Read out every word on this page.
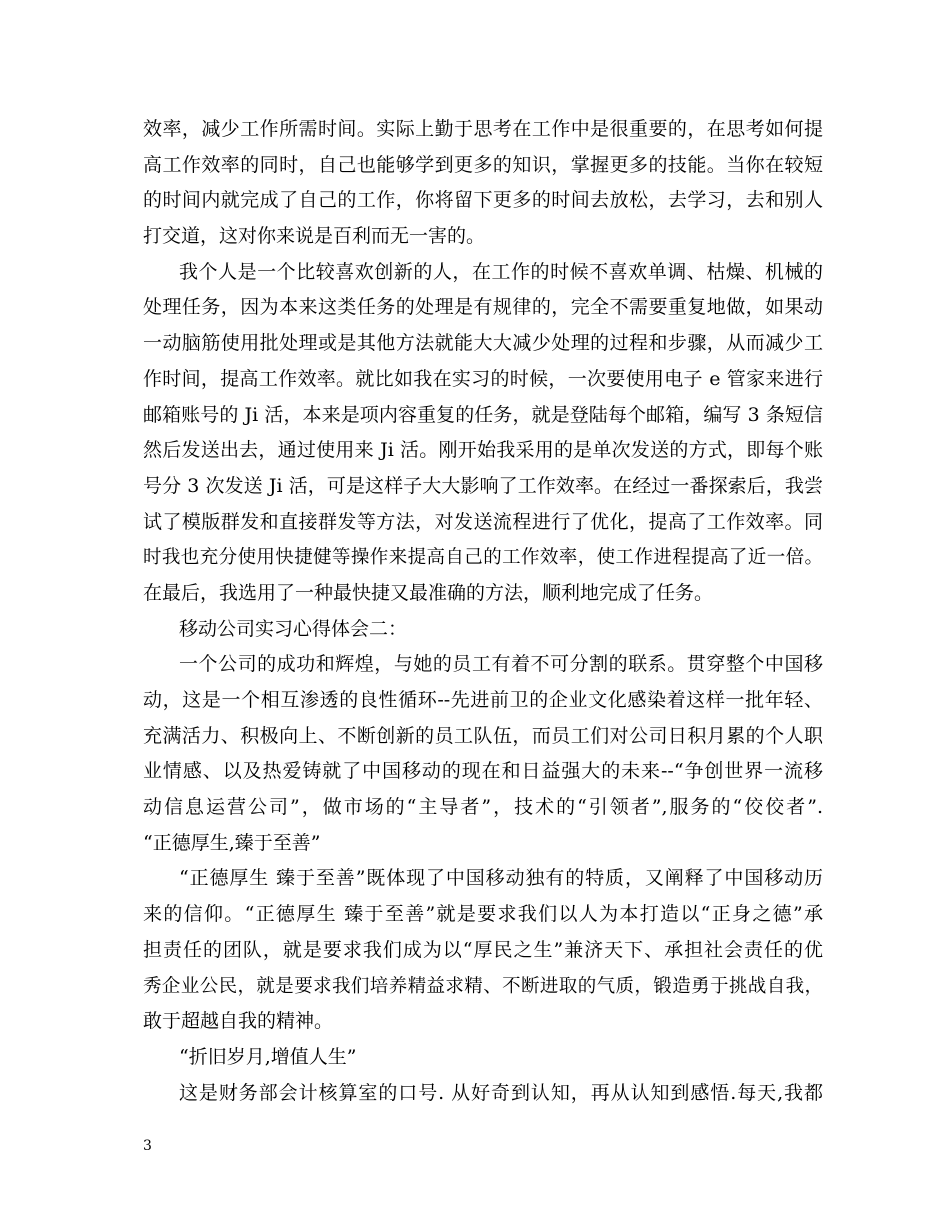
效率，减少工作所需时间。实际上勤于思考在工作中是很重要的，在思考如何提
高工作效率的同时，自己也能够学到更多的知识，掌握更多的技能。当你在较短
的时间内就完成了自己的工作，你将留下更多的时间去放松，去学习，去和别人
打交道，这对你来说是百利而无一害的。
我个人是一个比较喜欢创新的人，在工作的时候不喜欢单调、枯燥、机械的
处理任务，因为本来这类任务的处理是有规律的，完全不需要重复地做，如果动
一动脑筋使用批处理或是其他方法就能大大减少处理的过程和步骤，从而减少工
作时间，提高工作效率。就比如我在实习的时候，一次要使用电子 e 管家来进行
邮箱账号的 Ji 活，本来是项内容重复的任务，就是登陆每个邮箱，编写 3 条短信
然后发送出去，通过使用来 Ji 活。刚开始我采用的是单次发送的方式，即每个账
号分 3 次发送 Ji 活，可是这样子大大影响了工作效率。在经过一番探索后，我尝
试了模版群发和直接群发等方法，对发送流程进行了优化，提高了工作效率。同
时我也充分使用快捷健等操作来提高自己的工作效率，使工作进程提高了近一倍。
在最后，我选用了一种最快捷又最准确的方法，顺利地完成了任务。
移动公司实习心得体会二：
一个公司的成功和辉煌，与她的员工有着不可分割的联系。贯穿整个中国移
动，这是一个相互渗透的良性循环--先进前卫的企业文化感染着这样一批年轻、
充满活力、积极向上、不断创新的员工队伍，而员工们对公司日积月累的个人职
业情感、以及热爱铸就了中国移动的现在和日益强大的未来--“争创世界一流移
动信息运营公司”，做市场的“主导者”，技术的“引领者”,服务的“佼佼者”.
“正德厚生,臻于至善”
“正德厚生 臻于至善”既体现了中国移动独有的特质，又阐释了中国移动历
来的信仰。“正德厚生 臻于至善”就是要求我们以人为本打造以“正身之德”承
担责任的团队，就是要求我们成为以“厚民之生”兼济天下、承担社会责任的优
秀企业公民，就是要求我们培养精益求精、不断进取的气质，锻造勇于挑战自我，
敢于超越自我的精神。
“折旧岁月,增值人生”
这是财务部会计核算室的口号. 从好奇到认知，再从认知到感悟.每天,我都
3
